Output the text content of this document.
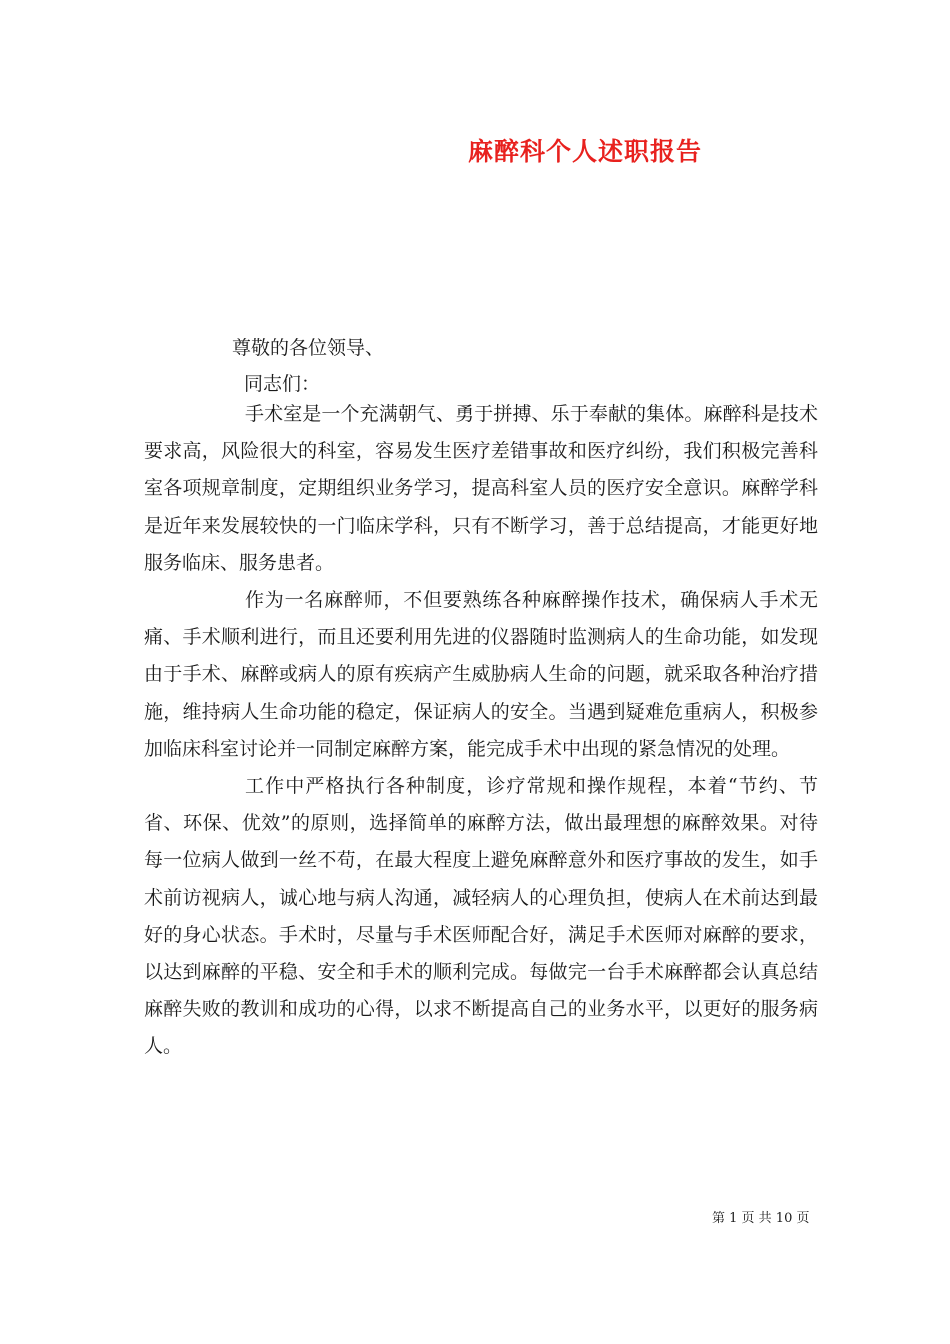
麻醉科个人述职报告
尊敬的各位领导、
同志们：

手术室是一个充满朝气、勇于拼搏、乐于奉献的集体。麻醉科是技术要求高，风险很大的科室，容易发生医疗差错事故和医疗纠纷，我们积极完善科室各项规章制度，定期组织业务学习，提高科室人员的医疗安全意识。麻醉学科是近年来发展较快的一门临床学科，只有不断学习，善于总结提高，才能更好地服务临床、服务患者。

作为一名麻醉师，不但要熟练各种麻醉操作技术，确保病人手术无痛、手术顺利进行，而且还要利用先进的仪器随时监测病人的生命功能，如发现由于手术、麻醉或病人的原有疾病产生威胁病人生命的问题，就采取各种治疗措施，维持病人生命功能的稳定，保证病人的安全。当遇到疑难危重病人，积极参加临床科室讨论并一同制定麻醉方案，能完成手术中出现的紧急情况的处理。

工作中严格执行各种制度，诊疗常规和操作规程，本着“节约、节省、环保、优效”的原则，选择简单的麻醉方法，做出最理想的麻醉效果。对待每一位病人做到一丝不苟，在最大程度上避免麻醉意外和医疗事故的发生，如手术前访视病人，诚心地与病人沟通，减轻病人的心理负担，使病人在术前达到最好的身心状态。手术时，尽量与手术医师配合好，满足手术医师对麻醉的要求，以达到麻醉的平稳、安全和手术的顺利完成。每做完一台手术麻醉都会认真总结麻醉失败的教训和成功的心得，以求不断提高自己的业务水平，以更好的服务病人。

第 1 页 共 10 页
